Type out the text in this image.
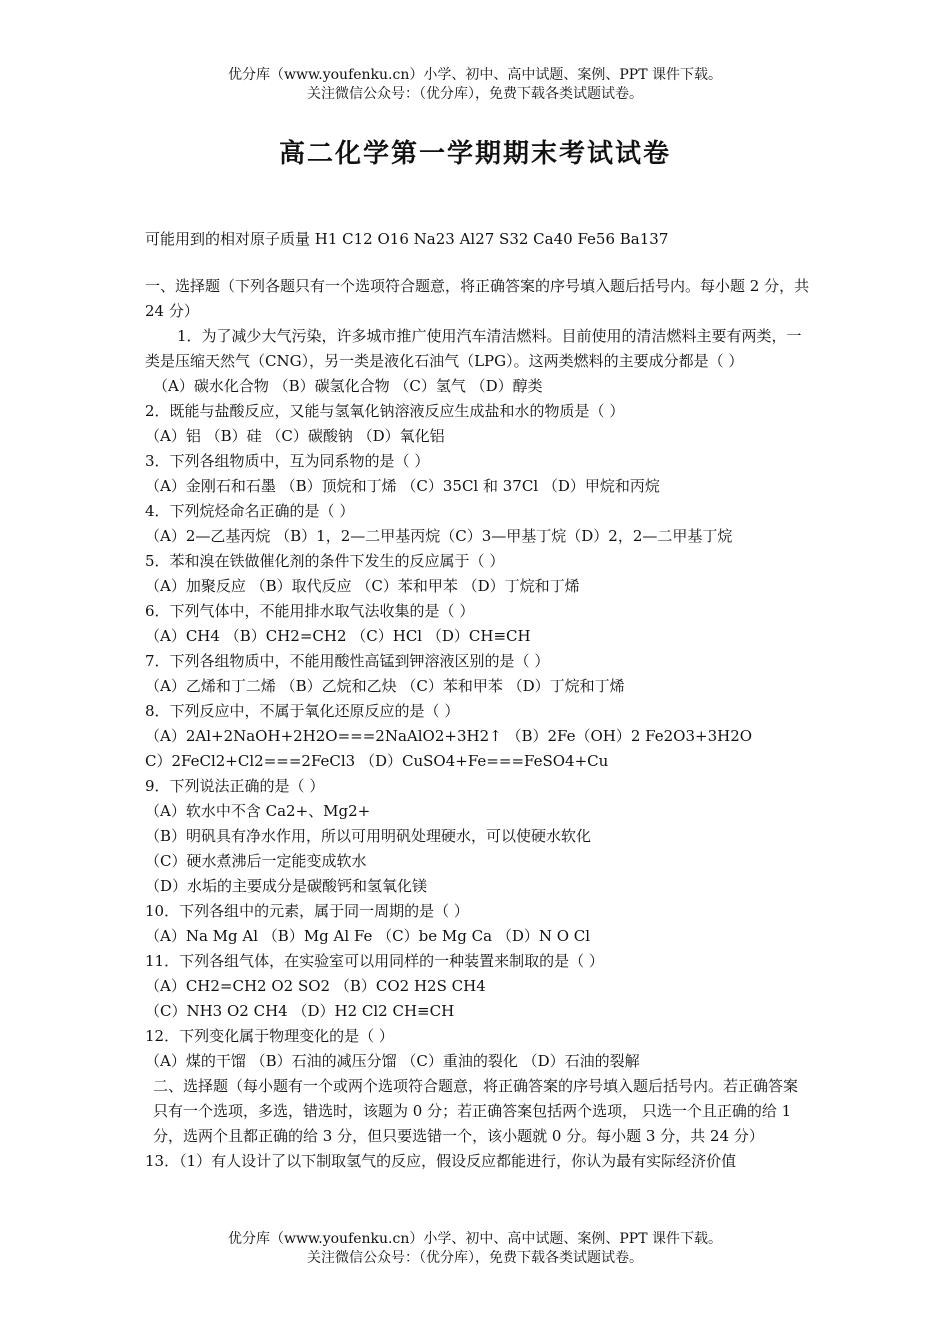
优分库（www.youfenku.cn）小学、初中、高中试题、案例、PPT 课件下载。
关注微信公众号：（优分库），免费下载各类试题试卷。
高二化学第一学期期末考试试卷
可能用到的相对原子质量 H1 C12 O16 Na23 Al27 S32 Ca40 Fe56 Ba137

一、选择题（下列各题只有一个选项符合题意，将正确答案的序号填入题后括号内。每小题 2 分，共 24 分）

1．为了减少大气污染，许多城市推广使用汽车清洁燃料。目前使用的清洁燃料主要有两类，一类是压缩天然气（CNG），另一类是液化石油气（LPG）。这两类燃料的主要成分都是（ ）

（A）碳水化合物 （B）碳氢化合物 （C）氢气 （D）醇类

2．既能与盐酸反应，又能与氢氧化钠溶液反应生成盐和水的物质是（ ）

（A）铝 （B）硅 （C）碳酸钠 （D）氧化铝

3．下列各组物质中，互为同系物的是（ ）

（A）金刚石和石墨 （B）顶烷和丁烯 （C）35Cl 和 37Cl （D）甲烷和丙烷

4．下列烷烃命名正确的是（ ）

（A）2—乙基丙烷 （B）1，2—二甲基丙烷（C）3—甲基丁烷（D）2，2—二甲基丁烷

5．苯和溴在铁做催化剂的条件下发生的反应属于（ ）

（A）加聚反应 （B）取代反应 （C）苯和甲苯 （D）丁烷和丁烯

6．下列气体中，不能用排水取气法收集的是（ ）

（A）CH4 （B）CH2=CH2 （C）HCl （D）CH≡CH

7．下列各组物质中，不能用酸性高锰到钾溶液区别的是（ ）

（A）乙烯和丁二烯 （B）乙烷和乙炔 （C）苯和甲苯 （D）丁烷和丁烯

8．下列反应中，不属于氧化还原反应的是（ ）

（A）2Al+2NaOH+2H2O===2NaAlO2+3H2↑ （B）2Fe（OH）2 Fe2O3+3H2O

C）2FeCl2+Cl2===2FeCl3 （D）CuSO4+Fe===FeSO4+Cu

9．下列说法正确的是（ ）

（A）软水中不含 Ca2+、Mg2+

（B）明矾具有净水作用，所以可用明矾处理硬水，可以使硬水软化

（C）硬水煮沸后一定能变成软水

（D）水垢的主要成分是碳酸钙和氢氧化镁

10．下列各组中的元素，属于同一周期的是（ ）

（A）Na Mg Al （B）Mg Al Fe （C）be Mg Ca （D）N O Cl

11．下列各组气体，在实验室可以用同样的一种装置来制取的是（ ）

（A）CH2=CH2 O2 SO2 （B）CO2 H2S CH4

（C）NH3 O2 CH4 （D）H2 Cl2 CH≡CH

12．下列变化属于物理变化的是（ ）

（A）煤的干馏 （B）石油的减压分馏 （C）重油的裂化 （D）石油的裂解

二、选择题（每小题有一个或两个选项符合题意，将正确答案的序号填入题后括号内。若正确答案只有一个选项，多选，错选时，该题为 0 分；若正确答案包括两个选项， 只选一个且正确的给 1 分，选两个且都正确的给 3 分，但只要选错一个，该小题就 0 分。每小题 3 分，共 24 分）

13．（1）有人设计了以下制取氢气的反应，假设反应都能进行，你认为最有实际经济价值

优分库（www.youfenku.cn）小学、初中、高中试题、案例、PPT 课件下载。
关注微信公众号：（优分库），免费下载各类试题试卷。
